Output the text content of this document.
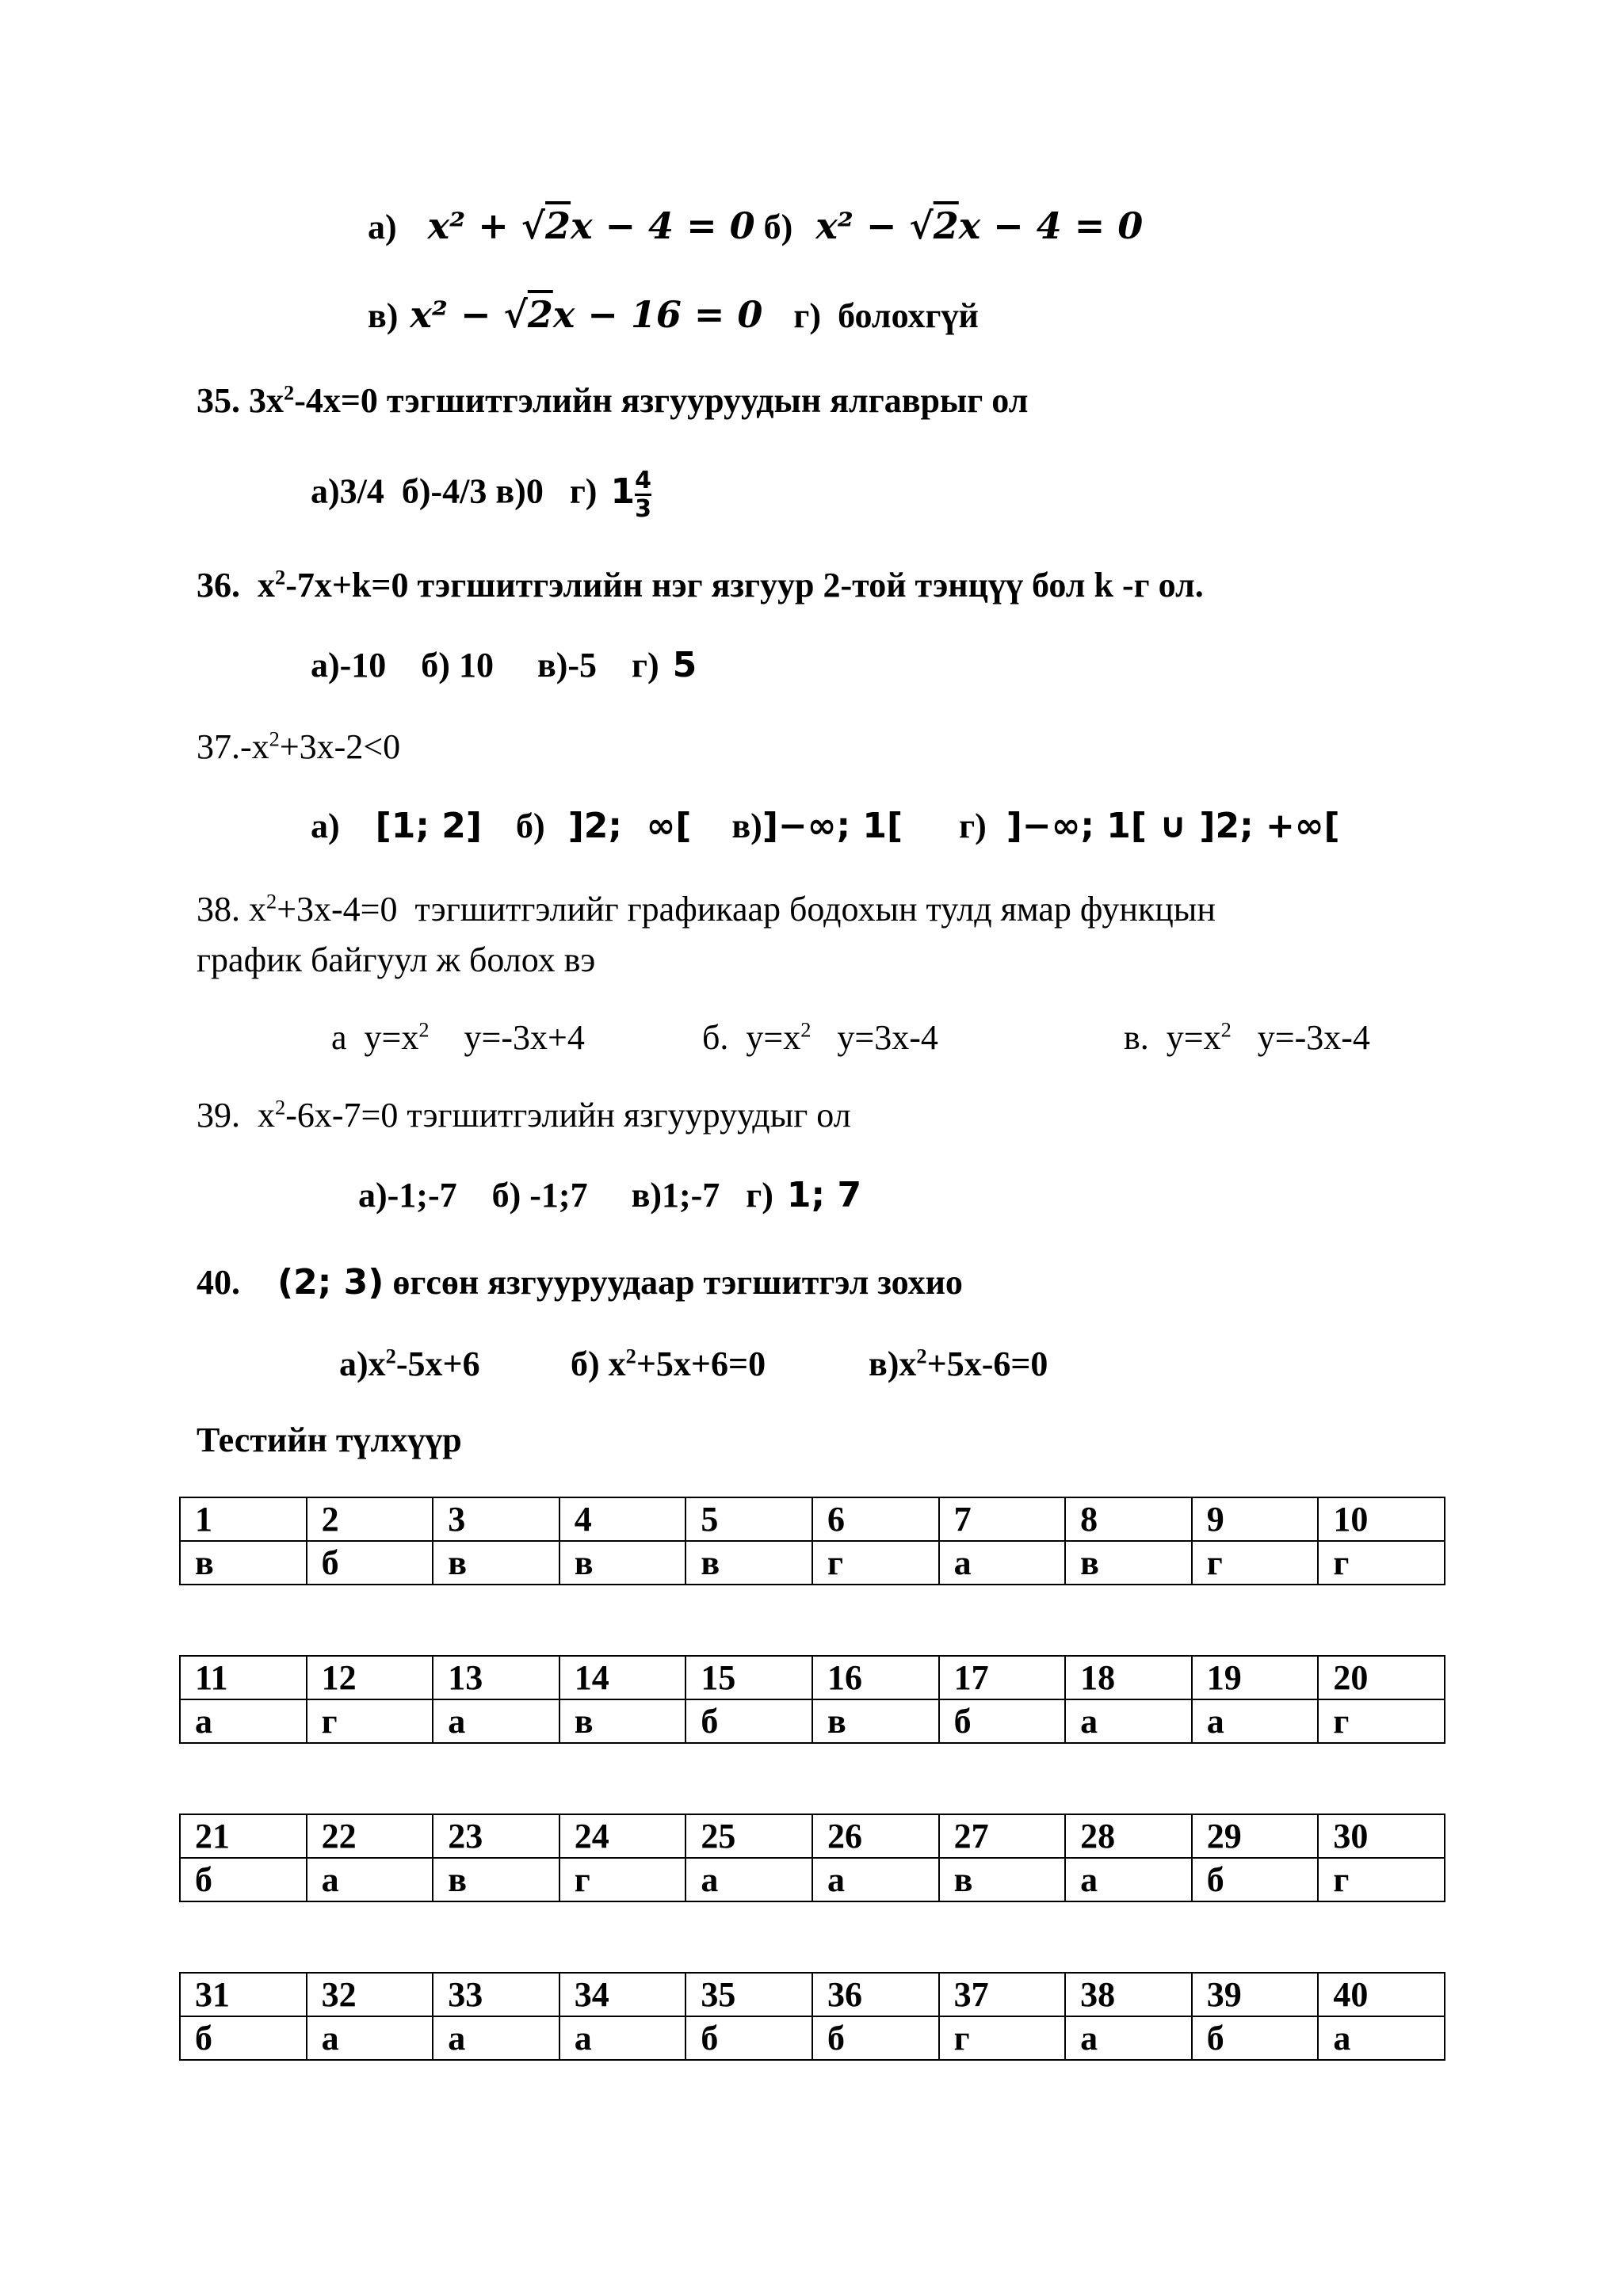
а) x² + √2x − 4 = 0 б) x² − √2x − 4 = 0
в) x² − √2x − 16 = 0 г) болохгүй
35. $3x^2-4x=0$ тэгшитгэлийн язгууруудын ялгаврыг ол
а)3/4  б)-4/3 в)0   г) $1 \frac{4}{3}$
36.  $x^2-7x+k=0$ тэгшитгэлийн нэг язгуур 2-той тэнцүү бол k -г ол.
а)-10    б) 10     в)-5    г) 5
$37.-x^2+3x-2<0$
а) [1; 2] б) ]2;  ∞[ в)]−∞; 1[ г) ]−∞; 1[ ∪ ]2; +∞[
38. $x^2+3x-4=0$  тэгшитгэлийг графикаар бодохын тулд ямар функцын
график байгуул ж болох вэ
а  $y=x^2$    y=-3x+4	б.  $y=x^2$   y=3x-4	в.  $y=x^2$   y=-3x-4
39.  $x^2-6x-7=0$ тэгшитгэлийн язгууруудыг ол
а)-1;-7    б) -1;7     в)1;-7   г) 1; 7
40. (2; 3) өгсөн язгууруудаар тэгшитгэл зохио
$а)x^2-5x+6$	б) $x^2+5x+6=0$	$в)x^2+5x-6=0$
Тестийн түлхүүр
1	2	3	4	5	6	7	8	9	10
в	б	в	в	в	г	а	в	г	г
11	12	13	14	15	16	17	18	19	20
а	г	а	в	б	в	б	а	а	г
21	22	23	24	25	26	27	28	29	30
б	а	в	г	а	а	в	а	б	г
31	32	33	34	35	36	37	38	39	40
б	а	а	а	б	б	г	а	б	а
